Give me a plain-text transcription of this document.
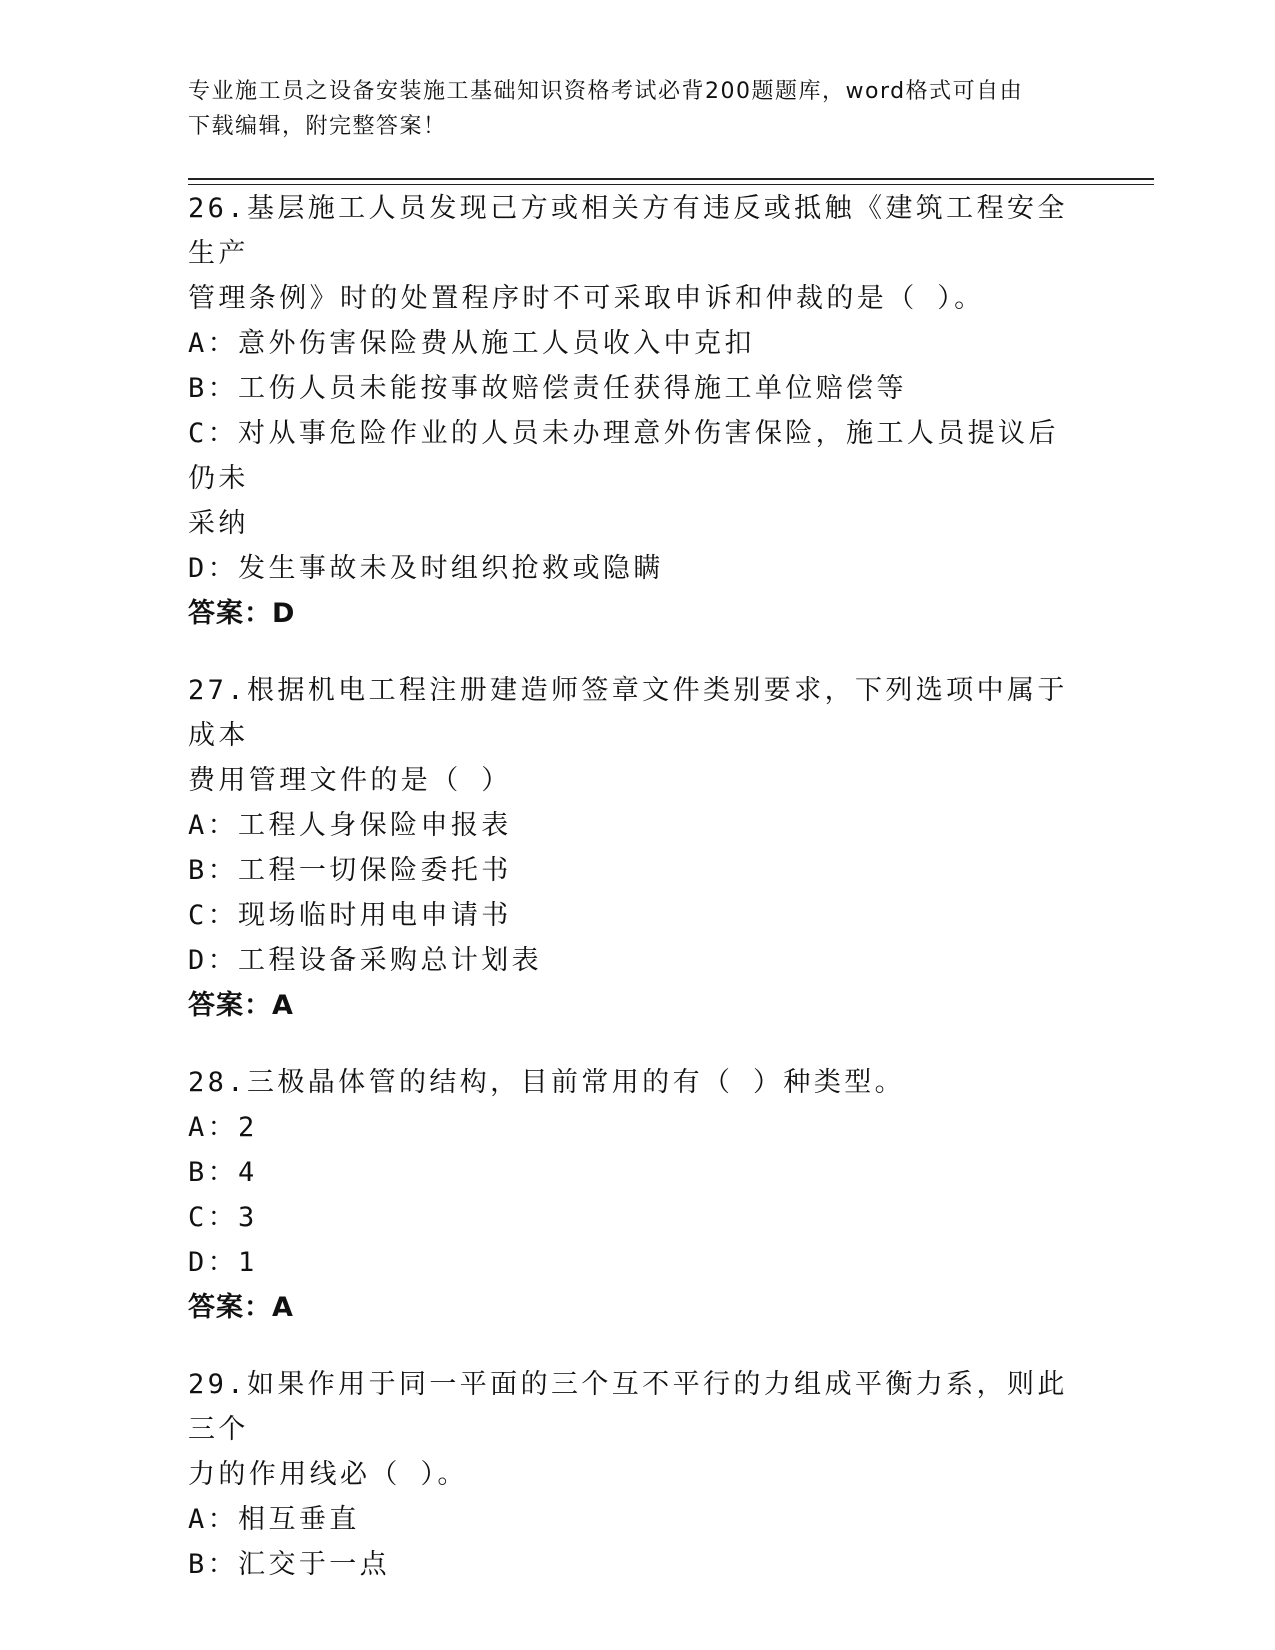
专业施工员之设备安装施工基础知识资格考试必背200题题库，word格式可自由
下载编辑，附完整答案！

26.基层施工人员发现己方或相关方有违反或抵触《建筑工程安全生产

管理条例》时的处置程序时不可采取申诉和仲裁的是（ ）。

A：意外伤害保险费从施工人员收入中克扣

B：工伤人员未能按事故赔偿责任获得施工单位赔偿等

C：对从事危险作业的人员未办理意外伤害保险，施工人员提议后仍未

采纳

D：发生事故未及时组织抢救或隐瞒

答案：D

27.根据机电工程注册建造师签章文件类别要求，下列选项中属于成本

费用管理文件的是（ ）

A：工程人身保险申报表

B：工程一切保险委托书

C：现场临时用电申请书

D：工程设备采购总计划表

答案：A

28.三极晶体管的结构，目前常用的有（ ）种类型。

A：2

B：4

C：3

D：1

答案：A

29.如果作用于同一平面的三个互不平行的力组成平衡力系，则此三个

力的作用线必（ ）。

A：相互垂直

B：汇交于一点
